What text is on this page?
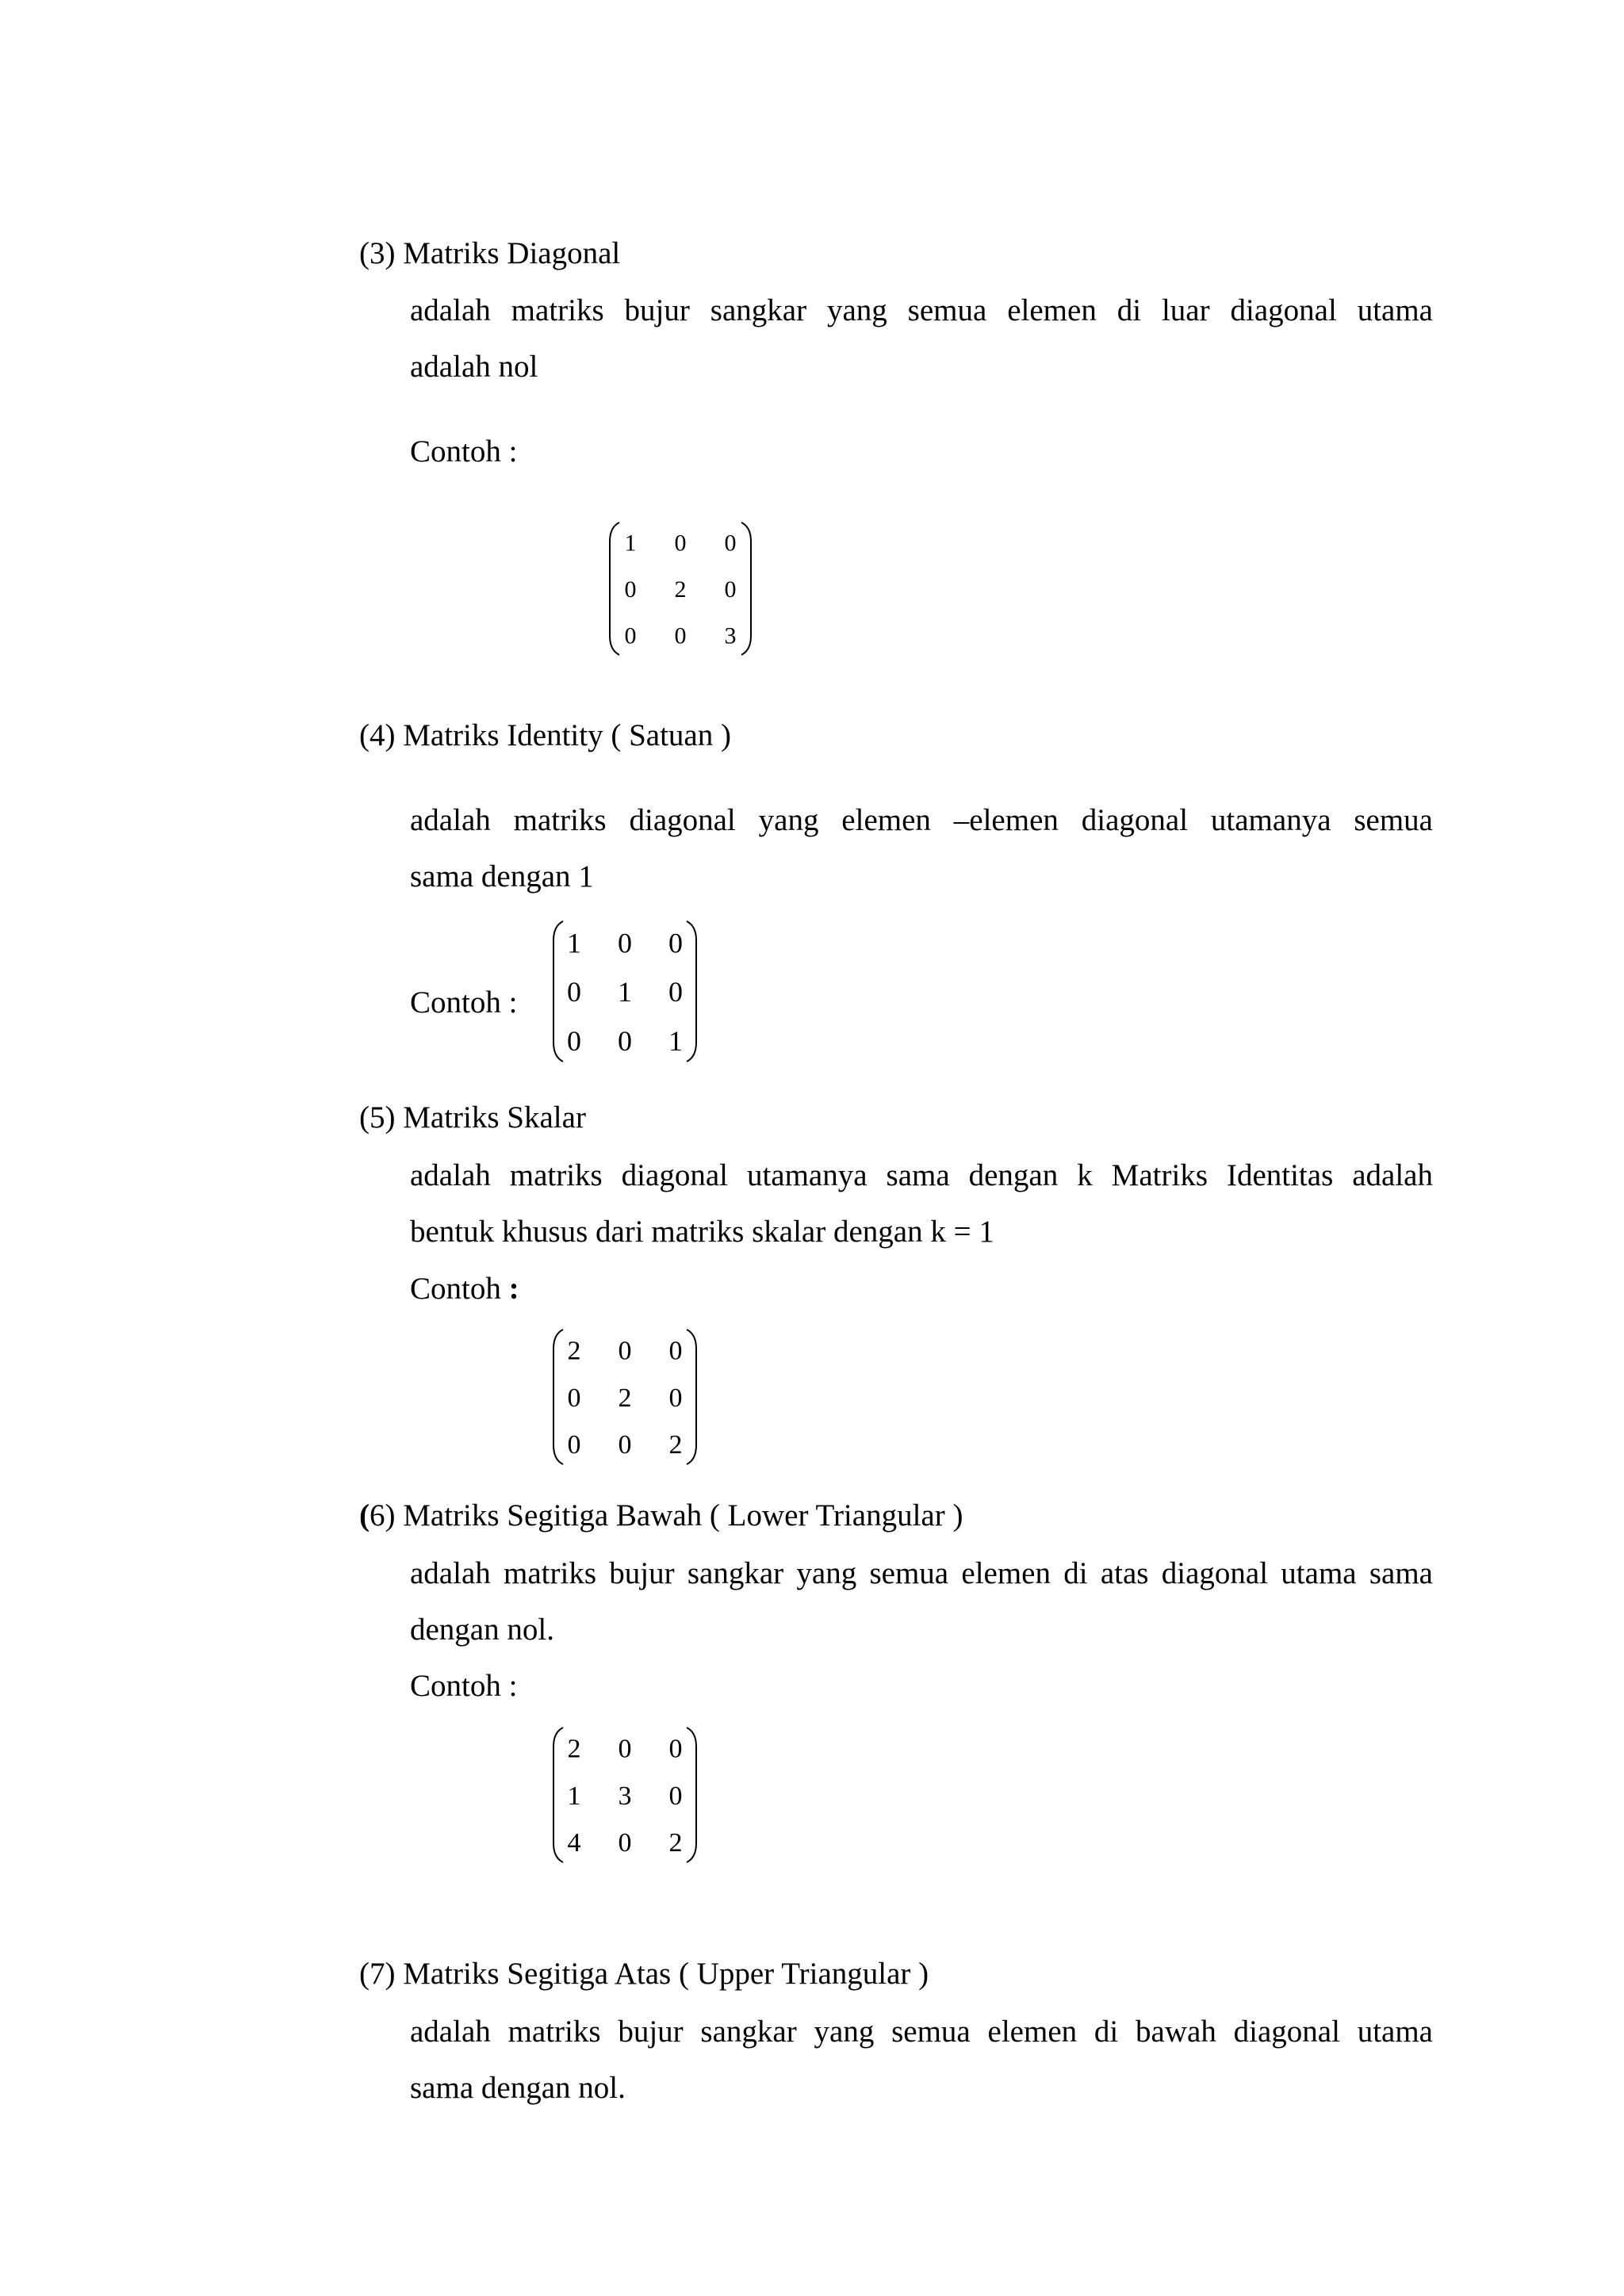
(3) Matriks Diagonal
adalah matriks bujur sangkar yang semua elemen di luar diagonal utama
adalah nol
Contoh :
1 0 0
0 2 0
0 0 3
(4) Matriks Identity ( Satuan )
adalah matriks diagonal yang elemen –elemen diagonal utamanya semua
sama dengan 1
Contoh :
1 0 0
0 1 0
0 0 1
(5) Matriks Skalar
adalah matriks diagonal utamanya sama dengan k Matriks Identitas adalah
bentuk khusus dari matriks skalar dengan k = 1
Contoh :
2 0 0
0 2 0
0 0 2
(6) Matriks Segitiga Bawah ( Lower Triangular )
adalah matriks bujur sangkar yang semua elemen di atas diagonal utama sama
dengan nol.
Contoh :
2 0 0
1 3 0
4 0 2
(7) Matriks Segitiga Atas ( Upper Triangular )
adalah matriks bujur sangkar yang semua elemen di bawah diagonal utama
sama dengan nol.
